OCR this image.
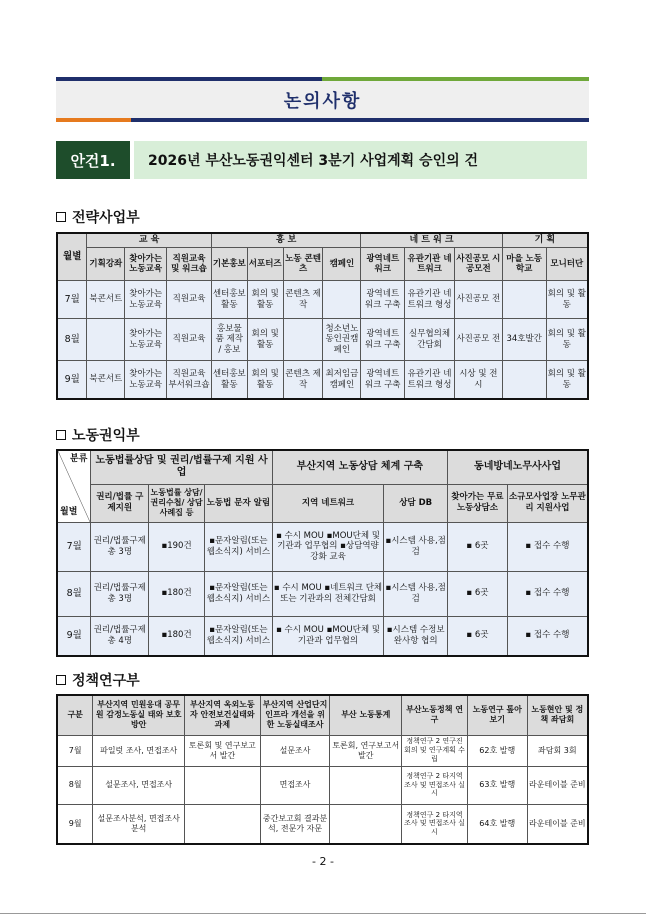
논의사항
안건1.	2026년 부산노동권익센터 3분기 사업계획 승인의 건
전략사업부
월별	교 육			홍 보				네 트 워 크			기 획	
	기획강좌	찾아가는 노동교육	직원교육 및 워크숍	기본홍보	서포터즈	노동 콘텐츠	캠페인	광역네트워크	유관기관 네트워크	사진공모 시공모전	마을 노동학교	모니터단
7월	북콘서트	찾아가는 노동교육	직원교육	센터홍보활동	회의 및 활동	콘텐츠 제작		광역네트 워크 구축	유관기관 네트워크 형성	사진공모 전		회의 및 활동
8월		찾아가는 노동교육	직원교육	홍보물 품 제작 / 홍보	회의 및 활동		청소년노 동인권캠 페인	광역네트 워크 구축	실무협의체 간담회	사진공모 전	34호발간	회의 및 활동
9월	북콘서트	찾아가는 노동교육	직원교육 부서워크숍	센터홍보활동	회의 및 활동	콘텐츠 제작	최저임금 캠페인	광역네트 워크 구축	유관기관 네트워크 형성	시상 및 전시		회의 및 활동
노동권익부
분류
월별	노동법률상담 및 권리/법률구제 지원 사업			부산지역 노동상담 체계 구축		동네방네노무사사업	
	권리/법률 구제지원	노동법률 상담/권리수첩/ 상담사례집 등	노동법 문자 알림	지역 네트워크	상담 DB	찾아가는 무료노동상담소	소규모사업장 노무관리 지원사업
7월	권리/법률구제 총 3명	▪190건	▪문자알림(또는 웹소식지) 서비스	▪ 수시 MOU ▪MOU단체 및 기관과 업무협의 ▪상담역량강화 교육	▪시스템 사용,점검	▪ 6곳	▪ 접수 수행
8월	권리/법률구제 총 3명	▪180건	▪문자알림(또는 웹소식지) 서비스	▪ 수시 MOU ▪네트워크 단체 또는 기관과의 전체간담회	▪시스템 사용,점검	▪ 6곳	▪ 접수 수행
9월	권리/법률구제 총 4명	▪180건	▪문자알림(또는 웹소식지) 서비스	▪ 수시 MOU ▪MOU단체 및 기관과 업무협의	▪시스템 수정보완사항 협의	▪ 6곳	▪ 접수 수행
정책연구부
구분	부산지역 민원응대 공무원 감정노동실 태와 보호방안	부산지역 옥외노동 자 안전보건실태와 과제	부산지역 산업단지 인프라 개선을 위한 노동실태조사	부산 노동통계	부산노동정책 연구	노동연구 톺아보기	노동현안 및 정책 좌담회
7월	파일럿 조사, 면접조사	토론회 및 연구보고서 발간	설문조사	토론회, 연구보고서발간	정책연구 2 연구진회의 및 연구계획 수립	62호 발행	좌담회 3회
8월	설문조사, 면접조사		면접조사		정책연구 2 타지역조사 및 면접조사 실시	63호 발행	라운테이블 준비
9월	설문조사분석, 면접조사 분석		중간보고회 결과분석, 전문가 자문		정책연구 2 타지역조사 및 면접조사 실시	64호 발행	라운테이블 준비
- 2 -
